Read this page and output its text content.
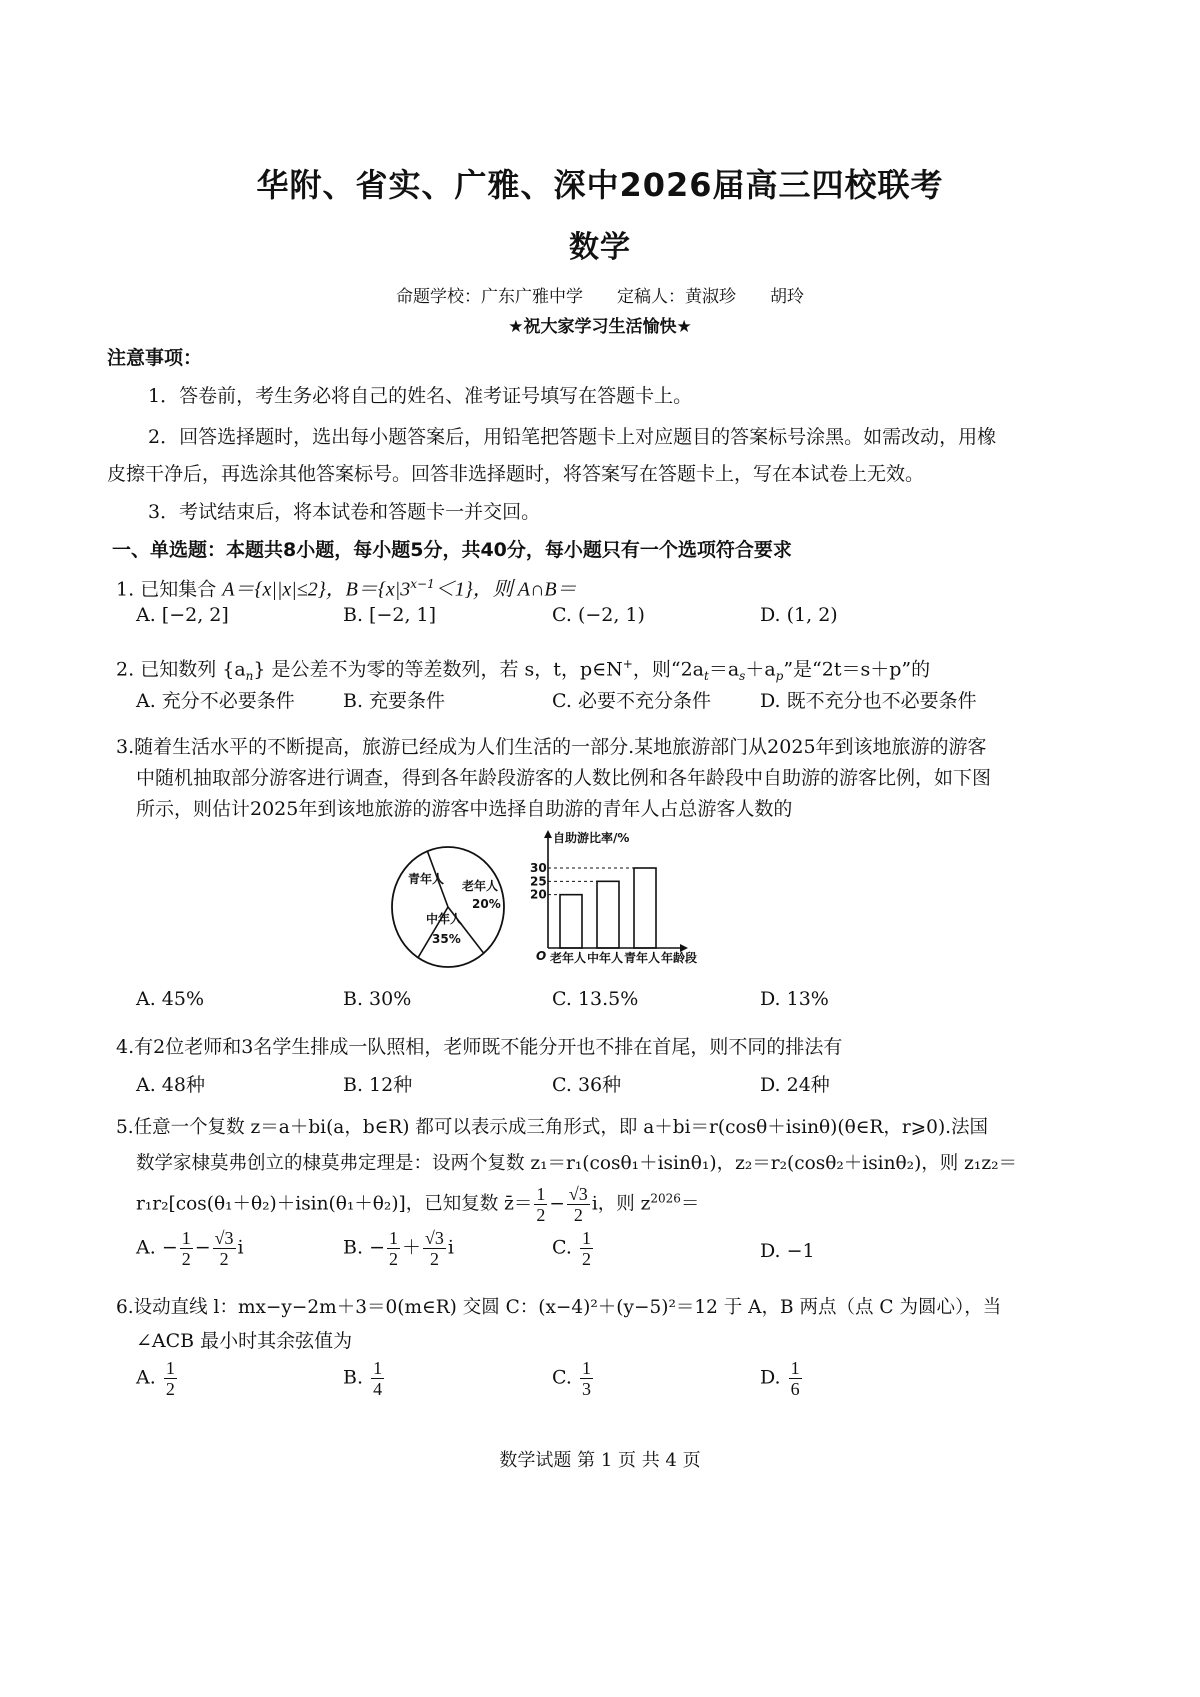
华附、省实、广雅、深中2026届高三四校联考
数学
命题学校：广东广雅中学　　定稿人：黄淑珍　　胡玲
★祝大家学习生活愉快★
注意事项：
1．答卷前，考生务必将自己的姓名、准考证号填写在答题卡上。
2．回答选择题时，选出每小题答案后，用铅笔把答题卡上对应题目的答案标号涂黑。如需改动，用橡
皮擦干净后，再选涂其他答案标号。回答非选择题时，将答案写在答题卡上，写在本试卷上无效。
3．考试结束后，将本试卷和答题卡一并交回。
一、单选题：本题共8小题，每小题5分，共40分，每小题只有一个选项符合要求
1. 已知集合 A＝{x||x|≤2}，$B=\{x|3^{x-1}<1\}$，则 A∩B＝
A. [−2, 2]	B. [−2, 1]	C. (−2, 1)	D. (1, 2)
2. 已知数列 $\{a_n\}$ 是公差不为零的等差数列，若 s，t，p∈N+，则“$2a_t=a_s+a_p$”是“2t＝s＋p”的
A. 充分不必要条件	B. 充要条件	C. 必要不充分条件	D. 既不充分也不必要条件
3.随着生活水平的不断提高，旅游已经成为人们生活的一部分.某地旅游部门从2025年到该地旅游的游客
中随机抽取部分游客进行调查，得到各年龄段游客的人数比例和各年龄段中自助游的游客比例，如下图
所示，则估计2025年到该地旅游的游客中选择自助游的青年人占总游客人数的
青年人 老年人
20%
中年人
35%
自助游比率/%
O
20
25
30
老年人 中年人 青年人 年龄段
A. 45%	B. 30%	C. 13.5%	D. 13%
4.有2位老师和3名学生排成一队照相，老师既不能分开也不排在首尾，则不同的排法有
A. 48种	B. 12种	C. 36种	D. 24种
5.任意一个复数 z＝a＋bi(a，b∈R) 都可以表示成三角形式，即 a＋bi＝r(cosθ＋isinθ)(θ∈R，r⩾0).法国
数学家棣莫弗创立的棣莫弗定理是：设两个复数 z₁＝r₁(cosθ₁＋isinθ₁)，z₂＝r₂(cosθ₂＋isinθ₂)，则 z₁z₂＝
r₁r₂[cos(θ₁＋θ₂)＋isin(θ₁＋θ₂)]，已知复数 z̄＝ $\frac{1}{2} - \frac{√3}{2}$ i，则 $z^{2026}=$
A. − $\frac{1}{2} - \frac{√3}{2}$ i	B. − $\frac{1}{2} + \frac{√3}{2}$ i	C. $\frac{1}{2}$	D. −1
6.设动直线 l：mx−y−2m＋3＝0(m∈R) 交圆 C：(x−4)²＋(y−5)²＝12 于 A，B 两点（点 C 为圆心），当
∠ACB 最小时其余弦值为
A. $\frac{1}{2}$	B. $\frac{1}{4}$	C. $\frac{1}{3}$	D. $\frac{1}{6}$
数学试题 第 1 页 共 4 页
